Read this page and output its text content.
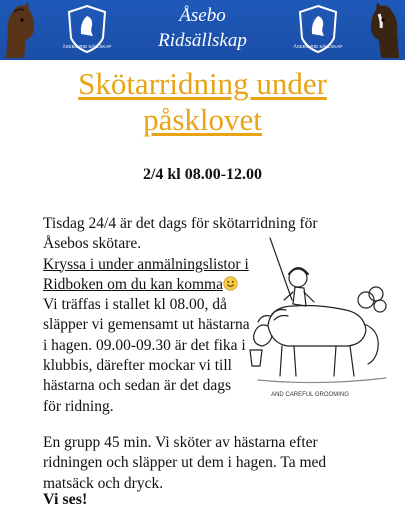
ÅSEBO RID SÄLLSKAP
Åsebo
Ridsällskap	ÅSEBO RID SÄLLSKAP
Skötarridning under
påsklovet
2/4 kl 08.00-12.00

Tisdag 24/4 är det dags för skötarridning för Åsebos skötare.
Kryssa i under anmälningslistor i Ridboken om du kan komma Vi träffas i stallet kl 08.00, då släpper vi gemensamt ut hästarna i hagen. 09.00-09.30 är det fika i klubbis, därefter mockar vi till hästarna och sedan är det dags för ridning.

AND CAREFUL GROOMING
En grupp 45 min. Vi sköter av hästarna efter ridningen och släpper ut dem i hagen. Ta med matsäck och dryck.
Vi ses!
